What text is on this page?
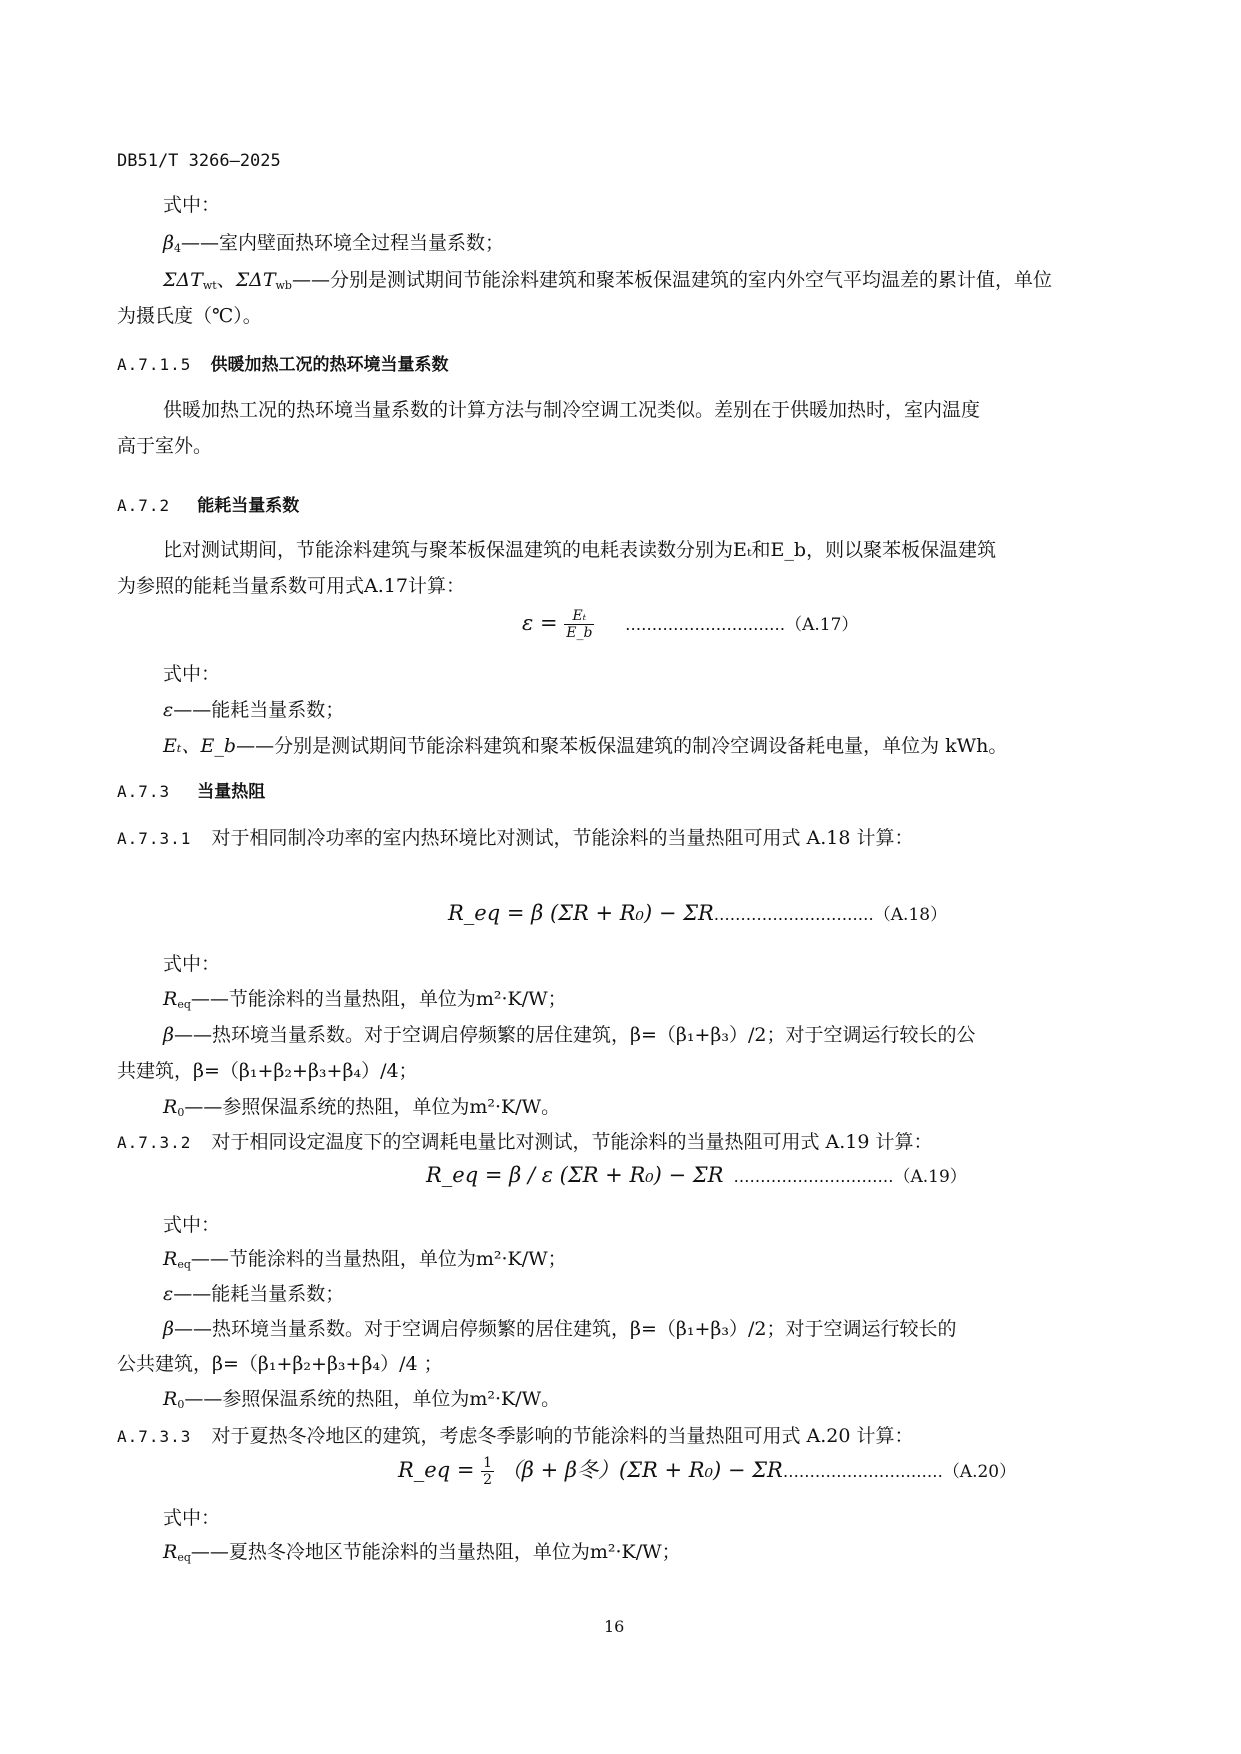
DB51/T 3266—2025
式中：
$\beta_4——$室内壁面热环境全过程当量系数；
$\Sigma\Delta T_{wt}$、$\Sigma\Delta T_{wb}——$分别是测试期间节能涂料建筑和聚苯板保温建筑的室内外空气平均温差的累计值，单位
为摄氏度（℃）。
A.7.1.5 供暖加热工况的热环境当量系数
供暖加热工况的热环境当量系数的计算方法与制冷空调工况类似。差别在于供暖加热时，室内温度
高于室外。
A.7.2 能耗当量系数
比对测试期间，节能涂料建筑与聚苯板保温建筑的电耗表读数分别为Eₜ和E_b，则以聚苯板保温建筑
为参照的能耗当量系数可用式A.17计算：
$\varepsilon = \frac{\text{Eₜ}}{E\_b}$ …………………………（A.17）
式中：
ε——能耗当量系数；
Eₜ、E_b——分别是测试期间节能涂料建筑和聚苯板保温建筑的制冷空调设备耗电量，单位为 kWh。
A.7.3 当量热阻
A.7.3.1 对于相同制冷功率的室内热环境比对测试，节能涂料的当量热阻可用式 A.18 计算：
R_eq = β (ΣR + R₀) − ΣR…………………………（A.18）
式中：
$R_{eq}——$节能涂料的当量热阻，单位为m²·K/W；
β——热环境当量系数。对于空调启停频繁的居住建筑，β=（β₁+β₃）/2；对于空调运行较长的公
共建筑，β=（β₁+β₂+β₃+β₄）/4；
$R_0——$参照保温系统的热阻，单位为m²·K/W。
A.7.3.2 对于相同设定温度下的空调耗电量比对测试，节能涂料的当量热阻可用式 A.19 计算：
R_eq = β / ε (ΣR + R₀) − ΣR …………………………（A.19）
式中：
$R_{eq}——$节能涂料的当量热阻，单位为m²·K/W；
ε——能耗当量系数；
β——热环境当量系数。对于空调启停频繁的居住建筑，β=（β₁+β₃）/2；对于空调运行较长的
公共建筑，β=（β₁+β₂+β₃+β₄）/4 ；
$R_0——$参照保温系统的热阻，单位为m²·K/W。
A.7.3.3 对于夏热冬冷地区的建筑，考虑冬季影响的节能涂料的当量热阻可用式 A.20 计算：
R_eq = $\frac{1}{2} (\beta + \beta$冬）(ΣR + R₀) − ΣR…………………………（A.20）
式中：
$R_{eq}——$夏热冬冷地区节能涂料的当量热阻，单位为m²·K/W；
16
